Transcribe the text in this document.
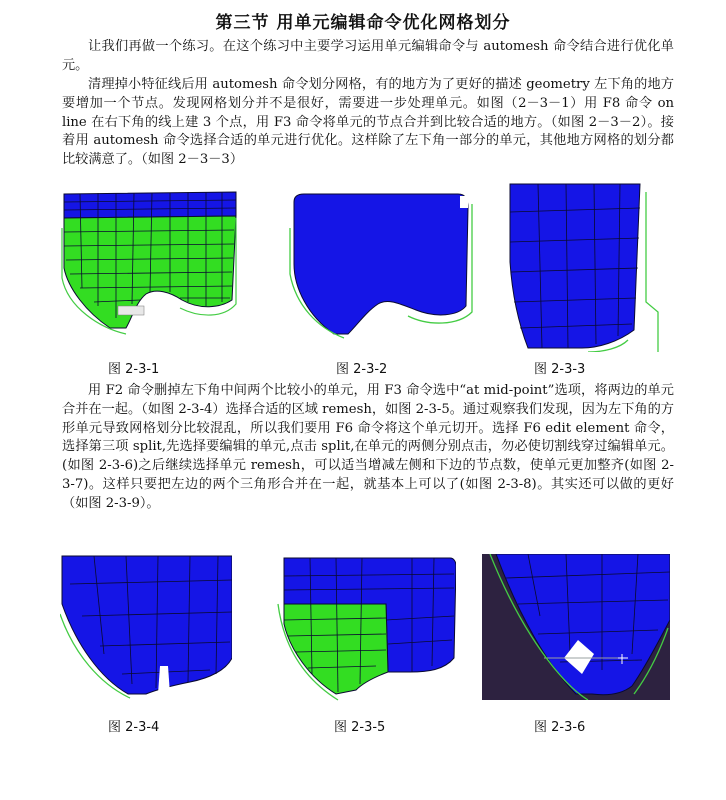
第三节 用单元编辑命令优化网格划分

让我们再做一个练习。在这个练习中主要学习运用单元编辑命令与 automesh 命令结合进行优化单元。

清理掉小特征线后用 automesh 命令划分网格，有的地方为了更好的描述 geometry 左下角的地方要增加一个节点。发现网格划分并不是很好，需要进一步处理单元。如图（2－3－1）用 F8 命令 on line 在右下角的线上建 3 个点，用 F3 命令将单元的节点合并到比较合适的地方。（如图 2－3－2）。接着用 automesh 命令选择合适的单元进行优化。这样除了左下角一部分的单元，其他地方网格的划分都比较满意了。（如图 2－3－3）

图 2-3-1	图 2-3-2	图 2-3-3

用 F2 命令删掉左下角中间两个比较小的单元，用 F3 命令选中“at mid-point”选项，将两边的单元合并在一起。（如图 2-3-4）选择合适的区域 remesh，如图 2-3-5。通过观察我们发现，因为左下角的方形单元导致网格划分比较混乱，所以我们要用 F6 命令将这个单元切开。选择 F6 edit element 命令，选择第三项 split,先选择要编辑的单元,点击 split,在单元的两侧分别点击，勿必使切割线穿过编辑单元。(如图 2-3-6)之后继续选择单元 remesh，可以适当增减左侧和下边的节点数，使单元更加整齐(如图 2-3-7)。这样只要把左边的两个三角形合并在一起，就基本上可以了(如图 2-3-8)。其实还可以做的更好（如图 2-3-9）。

图 2-3-4	图 2-3-5	图 2-3-6
